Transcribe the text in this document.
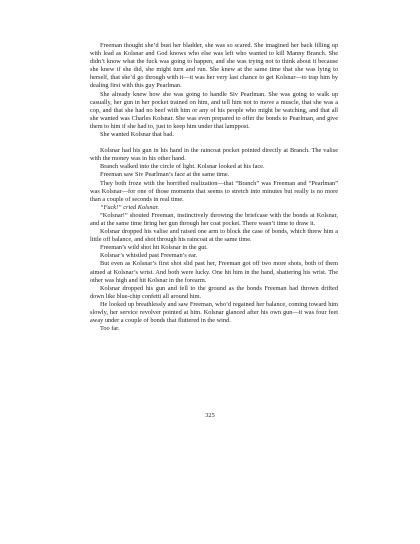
Freeman thought she’d bust her bladder, she was so scared. She imagined her back filling up with lead as Kolsnar and God knows who else was left who wanted to kill Manny Branch. She didn’t know what the fuck was going to happen, and she was trying not to think about it because she knew if she did, she might turn and run. She knew at the same time that she was lying to herself, that she’d go through with it—it was her very last chance to get Kolsnar—to trap him by dealing first with this guy Pearlman.

She already knew how she was going to handle Siv Pearlman. She was going to walk up casually, her gun in her pocket trained on him, and tell him not to move a muscle, that she was a cop, and that she had no beef with him or any of his people who might be watching, and that all she wanted was Charles Kolsnar. She was even prepared to offer the bonds to Pearlman, and give them to him if she had to, just to keep him under that lamppost.

She wanted Kolsnar that bad.

Kolsnar had his gun in his hand in the raincoat pocket pointed directly at Branch. The valise with the money was in his other hand.

Branch walked into the circle of light. Kolsnar looked at his face.

Freeman saw Siv Pearlman’s face at the same time.

They both froze with the horrified realization—that “Branch” was Freeman and “Pearlman” was Kolsnar—for one of those moments that seems to stretch into minutes but really is no more than a couple of seconds in real time.

“Fuck!” cried Kolsnar.

“Kolsnar!” shouted Freeman, instinctively throwing the briefcase with the bonds at Kolsnar, and at the same time firing her gun through her coat pocket. There wasn’t time to draw it.

Kolsnar dropped his valise and raised one arm to block the case of bonds, which threw him a little off balance, and shot through his raincoat at the same time.

Freeman’s wild shot hit Kolsnar in the gut.

Kolsnar’s whistled past Freeman’s ear.

But even as Kolsnar’s first shot slid past her, Freeman got off two more shots, both of them aimed at Kolsnar’s wrist. And both were lucky. One hit him in the hand, shattering his wrist. The other was high and hit Kolsnar in the forearm.

Kolsnar dropped his gun and fell to the ground as the bonds Freeman had thrown drifted down like blue-chip confetti all around him.

He looked up breathlessly and saw Freeman, who’d regained her balance, coming toward him slowly, her service revolver pointed at him. Kolsnar glanced after his own gun—it was four feet away under a couple of bonds that fluttered in the wind.

Too far.

325
